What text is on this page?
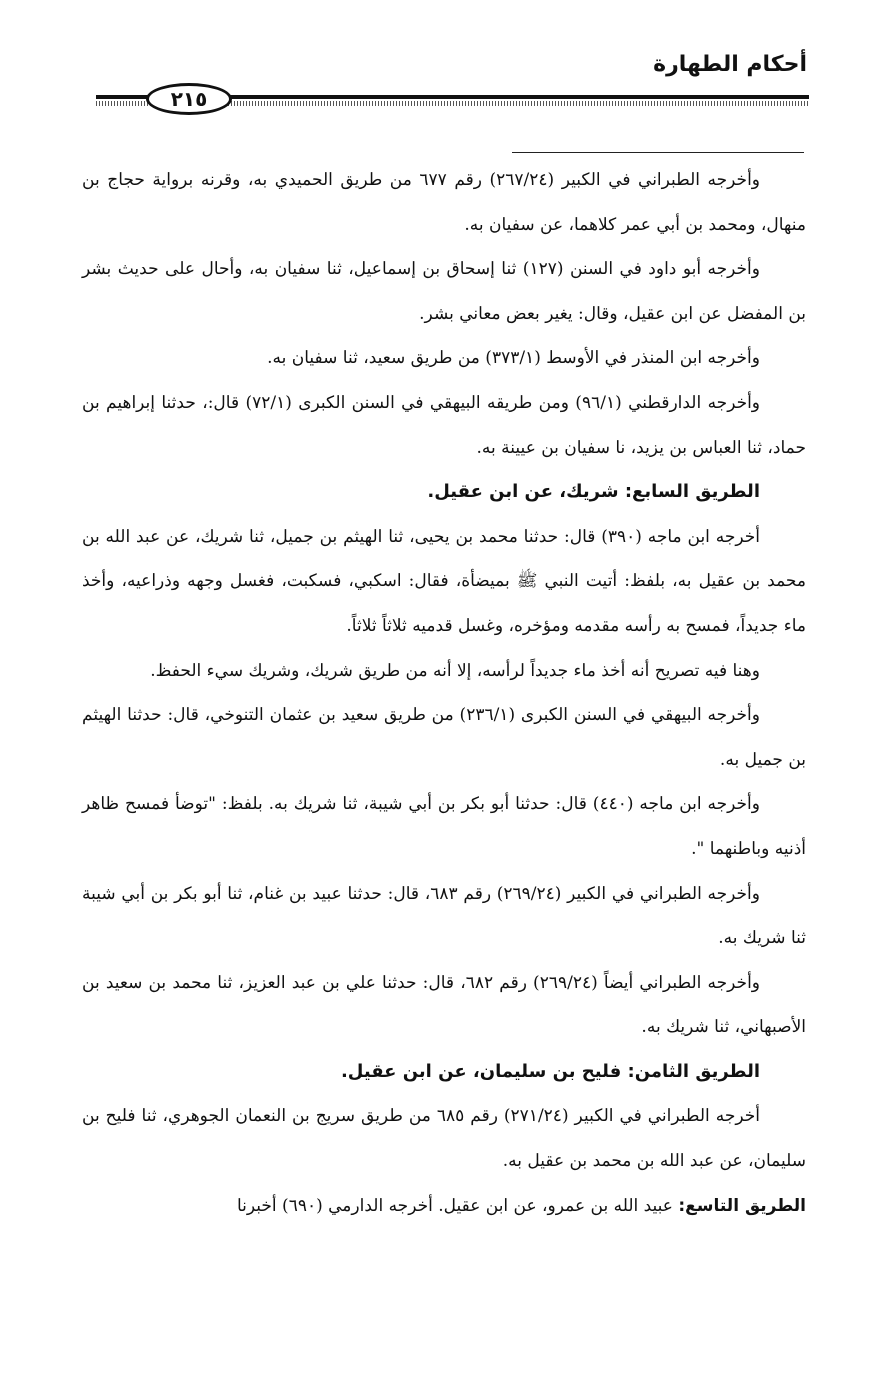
أحكام الطهارة
٢١٥

وأخرجه الطبراني في الكبير (٢٦٧/٢٤) رقم ٦٧٧ من طريق الحميدي به، وقرنه برواية حجاج بن منهال، ومحمد بن أبي عمر كلاهما، عن سفيان به.

وأخرجه أبو داود في السنن (١٢٧) ثنا إسحاق بن إسماعيل، ثنا سفيان به، وأحال على حديث بشر بن المفضل عن ابن عقيل، وقال: يغير بعض معاني بشر.

وأخرجه ابن المنذر في الأوسط (٣٧٣/١) من طريق سعيد، ثنا سفيان به.

وأخرجه الدارقطني (٩٦/١) ومن طريقه البيهقي في السنن الكبرى (٧٢/١) قال:، حدثنا إبراهيم بن حماد، ثنا العباس بن يزيد، نا سفيان بن عيينة به.

الطريق السابع: شريك، عن ابن عقيل.

أخرجه ابن ماجه (٣٩٠) قال: حدثنا محمد بن يحيى، ثنا الهيثم بن جميل، ثنا شريك، عن عبد الله بن محمد بن عقيل به، بلفظ: أتيت النبي ﷺ بميضأة، فقال: اسكبي، فسكبت، فغسل وجهه وذراعيه، وأخذ ماء جديداً، فمسح به رأسه مقدمه ومؤخره، وغسل قدميه ثلاثاً ثلاثاً.

وهنا فيه تصريح أنه أخذ ماء جديداً لرأسه، إلا أنه من طريق شريك، وشريك سيء الحفظ.

وأخرجه البيهقي في السنن الكبرى (٢٣٦/١) من طريق سعيد بن عثمان التنوخي، قال: حدثنا الهيثم بن جميل به.

وأخرجه ابن ماجه (٤٤٠) قال: حدثنا أبو بكر بن أبي شيبة، ثنا شريك به. بلفظ: "توضأ فمسح ظاهر أذنيه وباطنهما ".

وأخرجه الطبراني في الكبير (٢٦٩/٢٤) رقم ٦٨٣، قال: حدثنا عبيد بن غنام، ثنا أبو بكر بن أبي شيبة ثنا شريك به.

وأخرجه الطبراني أيضاً (٢٦٩/٢٤) رقم ٦٨٢، قال: حدثنا علي بن عبد العزيز، ثنا محمد بن سعيد بن الأصبهاني، ثنا شريك به.

الطريق الثامن: فليح بن سليمان، عن ابن عقيل.

أخرجه الطبراني في الكبير (٢٧١/٢٤) رقم ٦٨٥ من طريق سريج بن النعمان الجوهري، ثنا فليح بن سليمان، عن عبد الله بن محمد بن عقيل به.

الطريق التاسع: عبيد الله بن عمرو، عن ابن عقيل. أخرجه الدارمي (٦٩٠) أخبرنا
